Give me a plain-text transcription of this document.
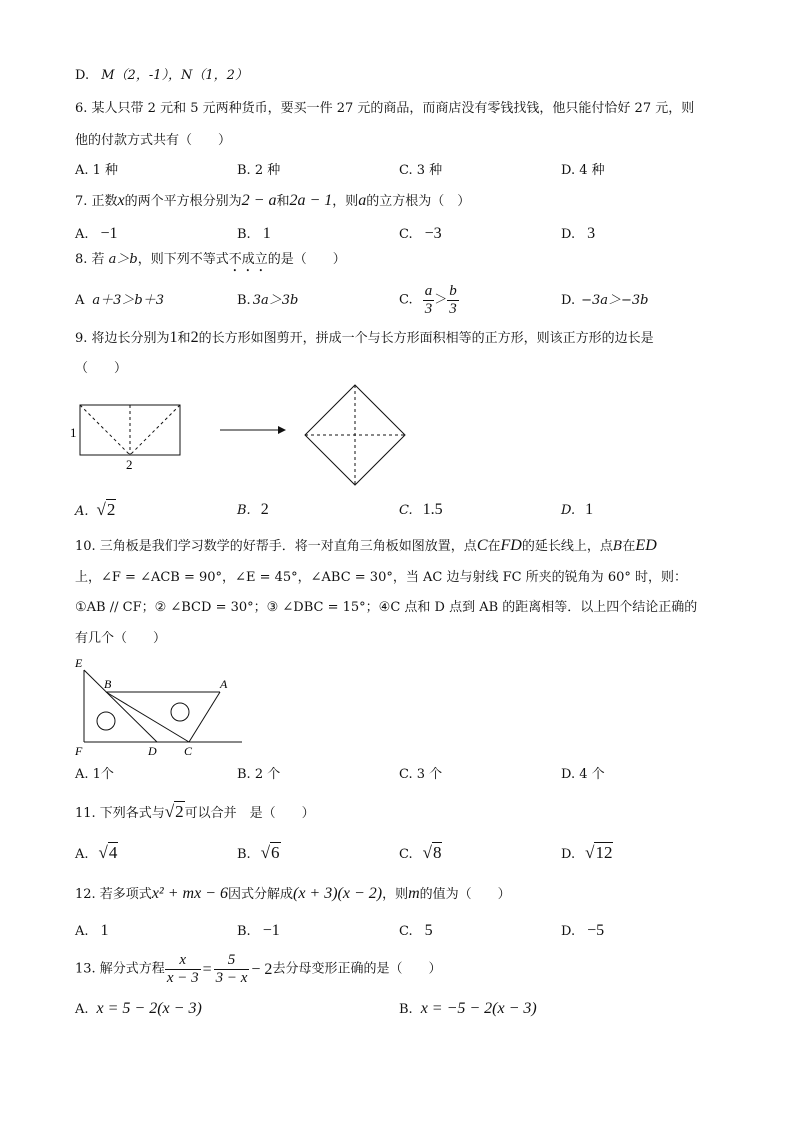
D. M（2，-1），N（1，2）
6. 某人只带 2 元和 5 元两种货币，要买一件 27 元的商品，而商店没有零钱找钱，他只能付恰好 27 元，则
他的付款方式共有（　　）
A. 1 种	B. 2 种	C. 3 种	D. 4 种
7. 正数x的两个平方根分别为2 − a和2a − 1，则a的立方根为（　）
A. −1	B. 1	C. −3	D. 3
8. 若 a＞b，则下列不等式不成立的是（　　）
A a＋3＞b＋3	B. 3a＞3b	C. $\frac{a}{3} > \frac{b}{3}$	D. −3a＞−3b
9. 将边长分别为1和2的长方形如图剪开，拼成一个与长方形面积相等的正方形，则该正方形的边长是
（　　）
1
2
A. √2	B. 2	C. 1.5	D. 1
10. 三角板是我们学习数学的好帮手．将一对直角三角板如图放置，点C在FD的延长线上，点B在ED
上，∠F = ∠ACB = 90°，∠E = 45°，∠ABC = 30°，当 AC 边与射线 FC 所夹的锐角为 60° 时，则：
①AB // CF；② ∠BCD = 30°；③ ∠DBC = 15°；④C 点和 D 点到 AB 的距离相等．以上四个结论正确的
有几个（　　）
E
B	A
F	D C
A. 1个	B. 2 个	C. 3 个	D. 4 个
11. 下列各式与√2可以合并　是（　　）
A. √4	B. √6	C. √8	D. √12
12. 若多项式x² + mx − 6因式分解成(x + 3)(x − 2)，则m的值为（　　）
A. 1	B. −1	C. 5	D. −5
13. 解分式方程 $\frac{x}{x - 3} = \frac{5}{3 - x} - 2$去分母变形正确的是（　　）
A. x = 5 − 2(x − 3)	B. x = −5 − 2(x − 3)
